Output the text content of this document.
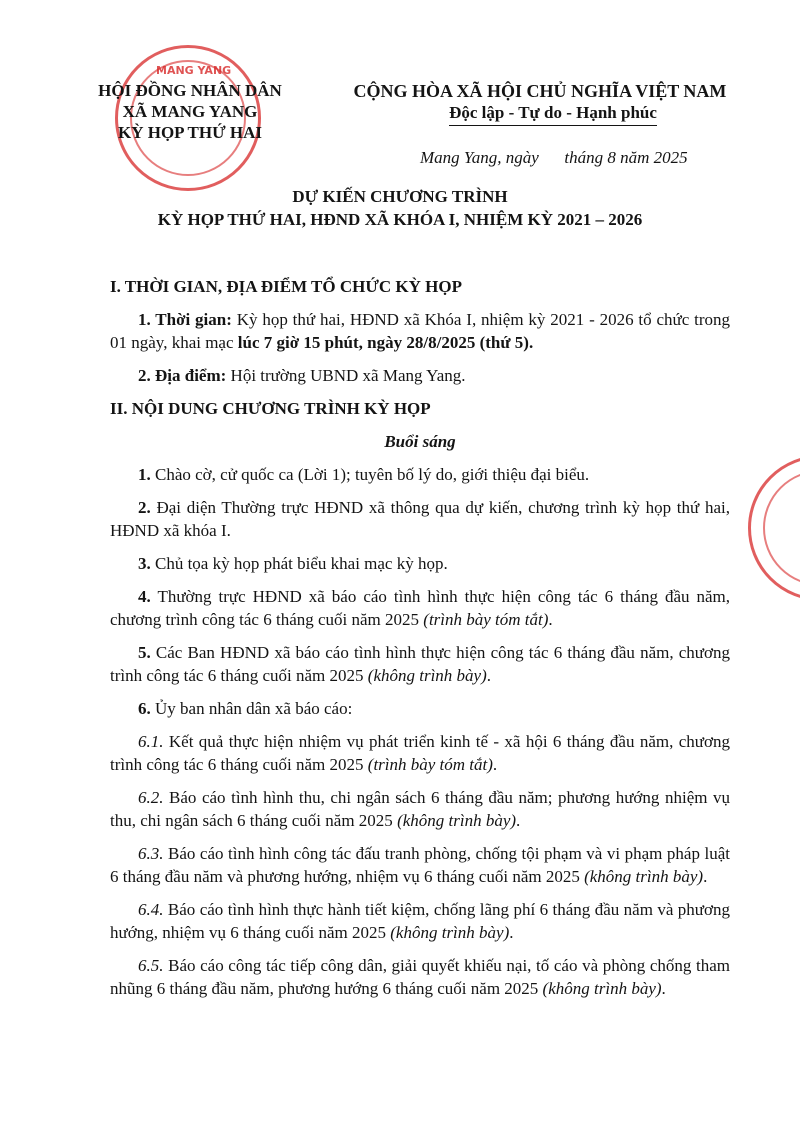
MANG YANG
HỘI ĐỒNG NHÂN DÂN
XÃ MANG YANG
KỲ HỌP THỨ HAI
CỘNG HÒA XÃ HỘI CHỦ NGHĨA VIỆT NAM
Độc lập - Tự do - Hạnh phúc
Mang Yang, ngày      tháng 8 năm 2025
DỰ KIẾN CHƯƠNG TRÌNH
KỲ HỌP THỨ HAI, HĐND XÃ KHÓA I, NHIỆM KỲ 2021 – 2026
I. THỜI GIAN, ĐỊA ĐIỂM TỔ CHỨC KỲ HỌP

1. Thời gian: Kỳ họp thứ hai, HĐND xã Khóa I, nhiệm kỳ 2021 - 2026 tổ chức trong 01 ngày, khai mạc lúc 7 giờ 15 phút, ngày 28/8/2025 (thứ 5).

2. Địa điểm: Hội trường UBND xã Mang Yang.

II. NỘI DUNG CHƯƠNG TRÌNH KỲ HỌP
Buổi sáng

1. Chào cờ, cử quốc ca (Lời 1); tuyên bố lý do, giới thiệu đại biểu.

2. Đại diện Thường trực HĐND xã thông qua dự kiến, chương trình kỳ họp thứ hai, HĐND xã khóa I.

3. Chủ tọa kỳ họp phát biểu khai mạc kỳ họp.

4. Thường trực HĐND xã báo cáo tình hình thực hiện công tác 6 tháng đầu năm, chương trình công tác 6 tháng cuối năm 2025 (trình bày tóm tắt).

5. Các Ban HĐND xã báo cáo tình hình thực hiện công tác 6 tháng đầu năm, chương trình công tác 6 tháng cuối năm 2025 (không trình bày).

6. Ủy ban nhân dân xã báo cáo:

6.1. Kết quả thực hiện nhiệm vụ phát triển kinh tế - xã hội 6 tháng đầu năm, chương trình công tác 6 tháng cuối năm 2025 (trình bày tóm tắt).

6.2. Báo cáo tình hình thu, chi ngân sách 6 tháng đầu năm; phương hướng nhiệm vụ thu, chi ngân sách 6 tháng cuối năm 2025 (không trình bày).

6.3. Báo cáo tình hình công tác đấu tranh phòng, chống tội phạm và vi phạm pháp luật 6 tháng đầu năm và phương hướng, nhiệm vụ 6 tháng cuối năm 2025 (không trình bày).

6.4. Báo cáo tình hình thực hành tiết kiệm, chống lãng phí 6 tháng đầu năm và phương hướng, nhiệm vụ 6 tháng cuối năm 2025 (không trình bày).

6.5. Báo cáo công tác tiếp công dân, giải quyết khiếu nại, tố cáo và phòng chống tham nhũng 6 tháng đầu năm, phương hướng 6 tháng cuối năm 2025 (không trình bày).
